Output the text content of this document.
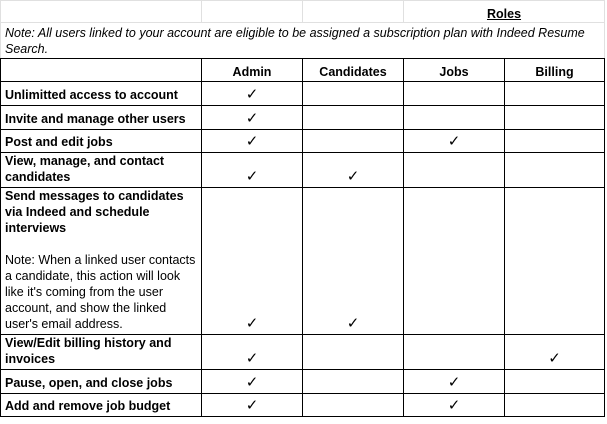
			Roles	
Note: All users linked to your account are eligible to be assigned a subscription plan with Indeed Resume Search.				
	Admin	Candidates	Jobs	Billing

Unlimitted access to account	✓			

Invite and manage other users	✓			

Post and edit jobs	✓		✓	

View, manage, and contact candidates	✓	✓		

Send messages to candidates via Indeed and schedule interviews
Note: When a linked user contacts a candidate, this action will look like it's coming from the user account, and show the linked user's email address.	✓	✓		

View/Edit billing history and invoices	✓			✓

Pause, open, and close jobs	✓		✓	

Add and remove job budget	✓		✓	
